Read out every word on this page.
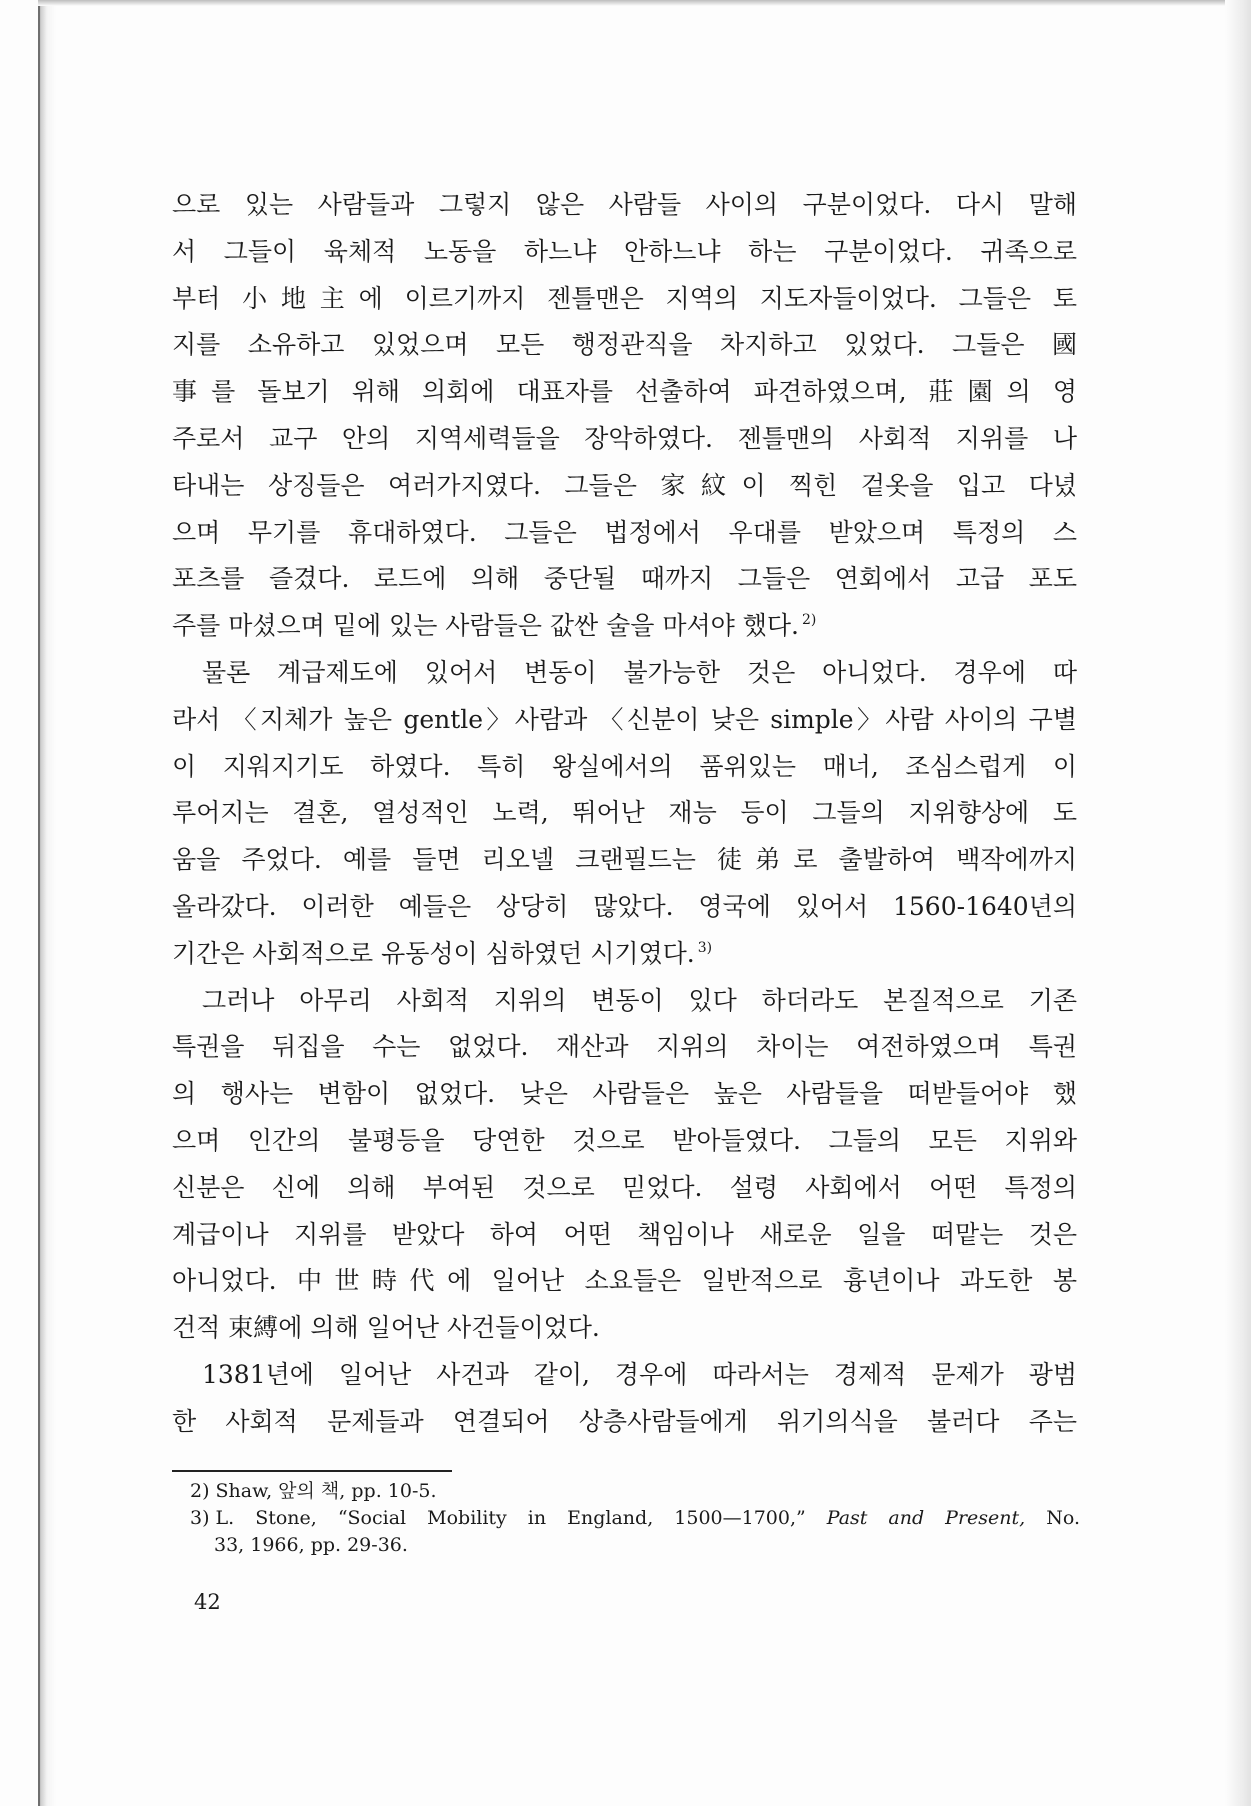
으로 있는 사람들과 그렇지 않은 사람들 사이의 구분이었다. 다시 말해
서 그들이 육체적 노동을 하느냐 안하느냐 하는 구분이었다. 귀족으로
부터 小地主에 이르기까지 젠틀맨은 지역의 지도자들이었다. 그들은 토
지를 소유하고 있었으며 모든 행정관직을 차지하고 있었다. 그들은 國
事를 돌보기 위해 의회에 대표자를 선출하여 파견하였으며, 莊園의 영
주로서 교구 안의 지역세력들을 장악하였다. 젠틀맨의 사회적 지위를 나
타내는 상징들은 여러가지였다. 그들은 家紋이 찍힌 겉옷을 입고 다녔
으며 무기를 휴대하였다. 그들은 법정에서 우대를 받았으며 특정의 스
포츠를 즐겼다. 로드에 의해 중단될 때까지 그들은 연회에서 고급 포도
주를 마셨으며 밑에 있는 사람들은 값싼 술을 마셔야 했다. $^{2)}$
물론 계급제도에 있어서 변동이 불가능한 것은 아니었다. 경우에 따
라서 〈지체가 높은 gentle〉사람과 〈신분이 낮은 simple〉사람 사이의 구별
이 지워지기도 하였다. 특히 왕실에서의 품위있는 매너, 조심스럽게 이
루어지는 결혼, 열성적인 노력, 뛰어난 재능 등이 그들의 지위향상에 도
움을 주었다. 예를 들면 리오넬 크랜필드는 徒弟로 출발하여 백작에까지
올라갔다. 이러한 예들은 상당히 많았다. 영국에 있어서 1560-1640년의
기간은 사회적으로 유동성이 심하였던 시기였다. $^{3)}$
그러나 아무리 사회적 지위의 변동이 있다 하더라도 본질적으로 기존
특권을 뒤집을 수는 없었다. 재산과 지위의 차이는 여전하였으며 특권
의 행사는 변함이 없었다. 낮은 사람들은 높은 사람들을 떠받들어야 했
으며 인간의 불평등을 당연한 것으로 받아들였다. 그들의 모든 지위와
신분은 신에 의해 부여된 것으로 믿었다. 설령 사회에서 어떤 특정의
계급이나 지위를 받았다 하여 어떤 책임이나 새로운 일을 떠맡는 것은
아니었다. 中世時代에 일어난 소요들은 일반적으로 흉년이나 과도한 봉
건적 束縛에 의해 일어난 사건들이었다.
1381년에 일어난 사건과 같이, 경우에 따라서는 경제적 문제가 광범
한 사회적 문제들과 연결되어 상층사람들에게 위기의식을 불러다 주는
2) Shaw, 앞의 책, pp. 10-5.
3) L. Stone, “Social Mobility in England, 1500—1700,” Past and Present, No.
33, 1966, pp. 29-36.
42
